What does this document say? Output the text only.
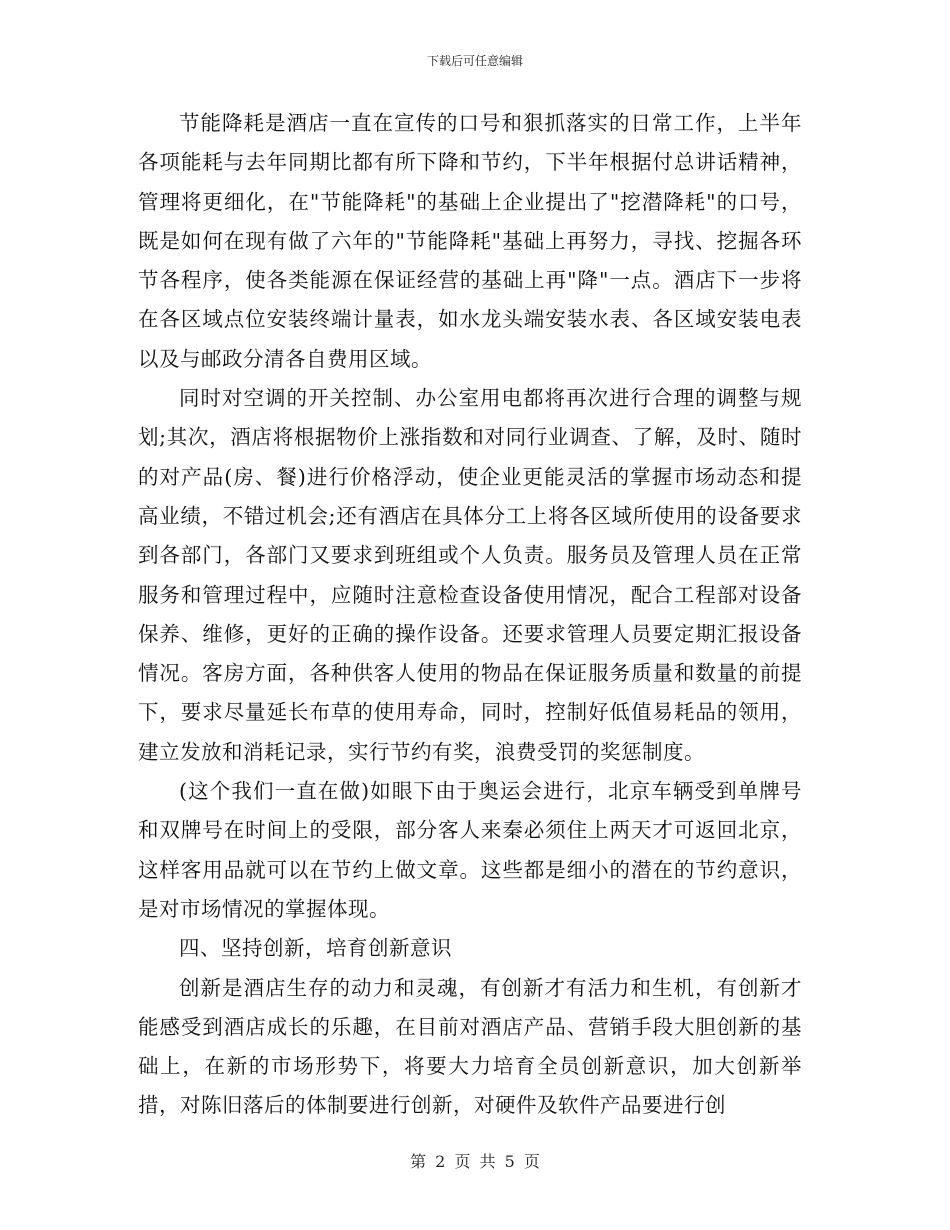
下载后可任意编辑

节能降耗是酒店一直在宣传的口号和狠抓落实的日常工作，上半年各项能耗与去年同期比都有所下降和节约，下半年根据付总讲话精神，管理将更细化，在"节能降耗"的基础上企业提出了"挖潜降耗"的口号，既是如何在现有做了六年的"节能降耗"基础上再努力，寻找、挖掘各环节各程序，使各类能源在保证经营的基础上再"降"一点。酒店下一步将在各区域点位安装终端计量表，如水龙头端安装水表、各区域安装电表以及与邮政分清各自费用区域。

同时对空调的开关控制、办公室用电都将再次进行合理的调整与规划;其次，酒店将根据物价上涨指数和对同行业调查、了解，及时、随时的对产品(房、餐)进行价格浮动，使企业更能灵活的掌握市场动态和提高业绩，不错过机会;还有酒店在具体分工上将各区域所使用的设备要求到各部门，各部门又要求到班组或个人负责。服务员及管理人员在正常服务和管理过程中，应随时注意检查设备使用情况，配合工程部对设备保养、维修，更好的正确的操作设备。还要求管理人员要定期汇报设备情况。客房方面，各种供客人使用的物品在保证服务质量和数量的前提下，要求尽量延长布草的使用寿命，同时，控制好低值易耗品的领用，建立发放和消耗记录，实行节约有奖，浪费受罚的奖惩制度。

(这个我们一直在做)如眼下由于奥运会进行，北京车辆受到单牌号和双牌号在时间上的受限，部分客人来秦必须住上两天才可返回北京，这样客用品就可以在节约上做文章。这些都是细小的潜在的节约意识，是对市场情况的掌握体现。

四、坚持创新，培育创新意识

创新是酒店生存的动力和灵魂，有创新才有活力和生机，有创新才能感受到酒店成长的乐趣，在目前对酒店产品、营销手段大胆创新的基础上，在新的市场形势下，将要大力培育全员创新意识，加大创新举措，对陈旧落后的体制要进行创新，对硬件及软件产品要进行创

第 2 页 共 5 页
